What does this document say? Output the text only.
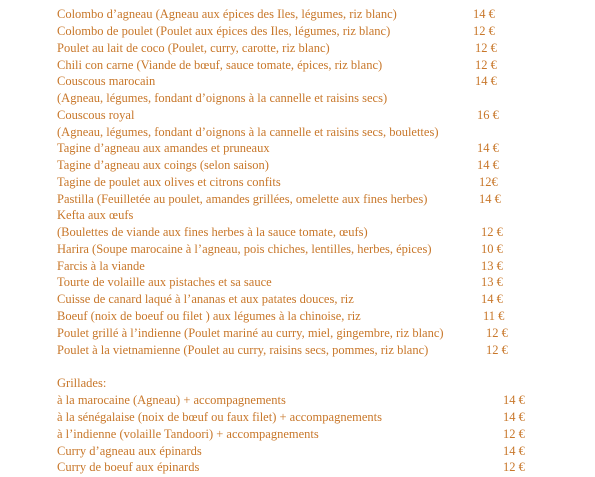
Colombo d’agneau (Agneau aux épices des Iles, légumes, riz blanc)	14 €
Colombo de poulet (Poulet aux épices des Iles, légumes, riz blanc)	12 €
Poulet au lait de coco (Poulet, curry, carotte, riz blanc)	12 €
Chili con carne (Viande de bœuf, sauce tomate, épices, riz blanc)	12 €
Couscous marocain	14 €
(Agneau, légumes, fondant d’oignons à la cannelle et raisins secs)
Couscous royal	16 €
(Agneau, légumes, fondant d’oignons à la cannelle et raisins secs, boulettes)
Tagine d’agneau aux amandes et pruneaux	14 €
Tagine d’agneau aux coings (selon saison)	14 €
Tagine de poulet aux olives et citrons confits	12€
Pastilla (Feuilletée au poulet, amandes grillées, omelette aux fines herbes)	14 €
Kefta aux œufs
(Boulettes de viande aux fines herbes à la sauce tomate, œufs)	12 €
Harira (Soupe marocaine à l’agneau, pois chiches, lentilles, herbes, épices)	10 €
Farcis à la viande	13 €
Tourte de volaille aux pistaches et sa sauce	13 €
Cuisse de canard laqué à l’ananas et aux patates douces, riz	14 €
Boeuf (noix de boeuf ou filet ) aux légumes à la chinoise, riz	11 €
Poulet grillé à l’indienne (Poulet mariné au curry, miel, gingembre, riz blanc)	12 €
Poulet à la vietnamienne (Poulet au curry, raisins secs, pommes, riz blanc)	12 €
Grillades:
à la marocaine (Agneau) + accompagnements	14 €
à la sénégalaise (noix de bœuf ou faux filet) + accompagnements	14 €
à l’indienne (volaille Tandoori) + accompagnements	12 €
Curry d’agneau aux épinards	14 €
Curry de boeuf aux épinards	12 €
